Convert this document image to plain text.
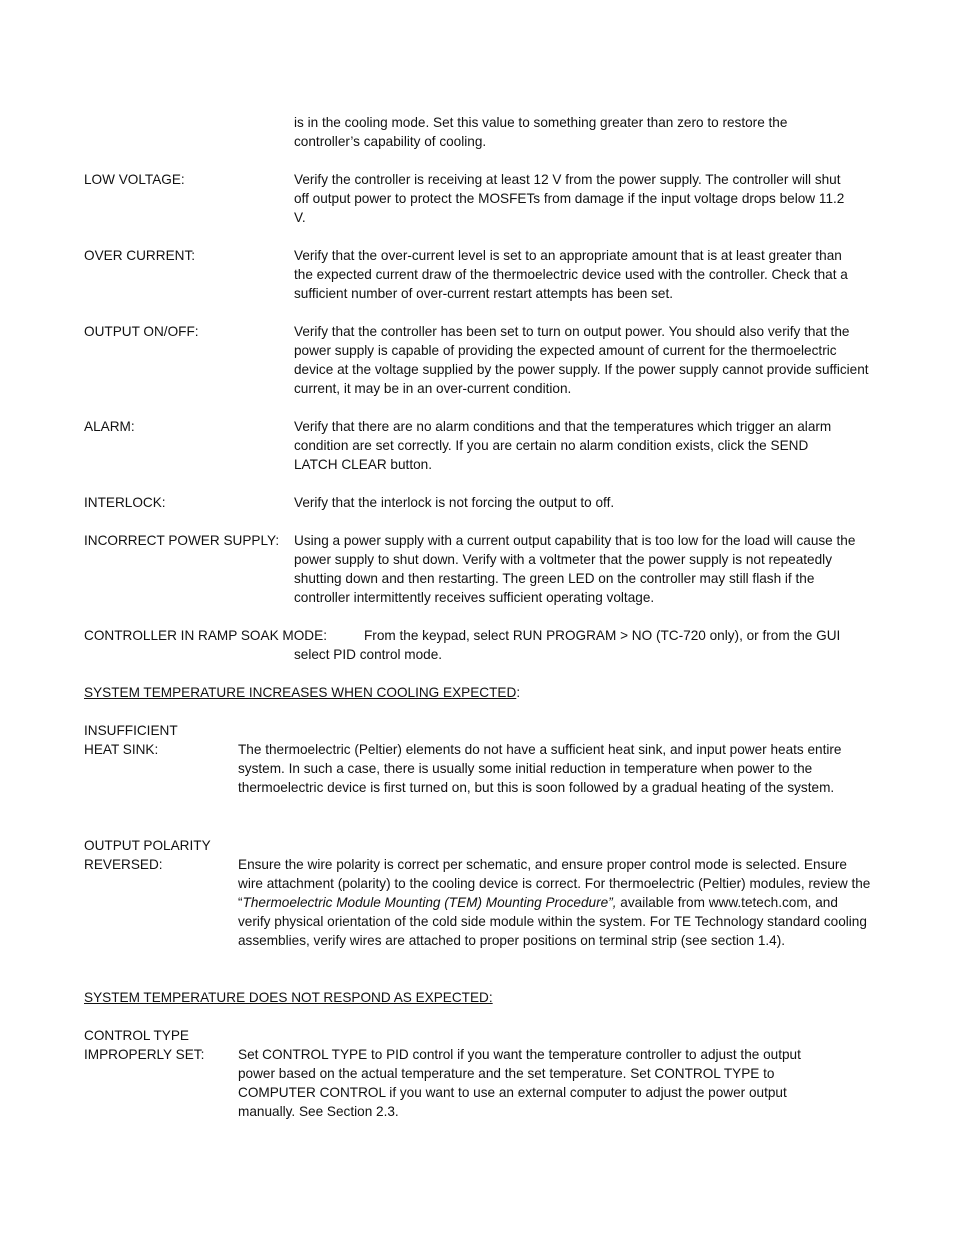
is in the cooling mode. Set this value to something greater than zero to restore the
controller’s capability of cooling.
LOW VOLTAGE:	Verify the controller is receiving at least 12 V from the power supply. The controller will shut off output power to protect the MOSFETs from damage if the input voltage drops below 11.2 V.
OVER CURRENT:	Verify that the over-current level is set to an appropriate amount that is at least greater than the expected current draw of the thermoelectric device used with the controller. Check that a sufficient number of over-current restart attempts has been set.
OUTPUT ON/OFF:	Verify that the controller has been set to turn on output power. You should also verify that the power supply is capable of providing the expected amount of current for the thermoelectric device at the voltage supplied by the power supply. If the power supply cannot provide sufficient current, it may be in an over-current condition.
ALARM:	Verify that there are no alarm conditions and that the temperatures which trigger an alarm condition are set correctly. If you are certain no alarm condition exists, click the SEND LATCH CLEAR button.
INTERLOCK:	Verify that the interlock is not forcing the output to off.
INCORRECT POWER SUPPLY: Using a power supply with a current output capability that is too low for the load will cause the power supply to shut down. Verify with a voltmeter that the power supply is not repeatedly shutting down and then restarting. The green LED on the controller may still flash if the controller intermittently receives sufficient operating voltage.
CONTROLLER IN RAMP SOAK MODE:	From the keypad, select RUN PROGRAM > NO (TC-720 only), or from the GUI
select PID control mode.
SYSTEM TEMPERATURE INCREASES WHEN COOLING EXPECTED:
INSUFFICIENT
HEAT SINK:	The thermoelectric (Peltier) elements do not have a sufficient heat sink, and input power heats entire system. In such a case, there is usually some initial reduction in temperature when power to the thermoelectric device is first turned on, but this is soon followed by a gradual heating of the system.
OUTPUT POLARITY
REVERSED:	Ensure the wire polarity is correct per schematic, and ensure proper control mode is selected. Ensure wire attachment (polarity) to the cooling device is correct. For thermoelectric (Peltier) modules, review the “Thermoelectric Module Mounting (TEM) Mounting Procedure”, available from www.tetech.com, and verify physical orientation of the cold side module within the system. For TE Technology standard cooling assemblies, verify wires are attached to proper positions on terminal strip (see section 1.4).
SYSTEM TEMPERATURE DOES NOT RESPOND AS EXPECTED:
CONTROL TYPE
IMPROPERLY SET: Set CONTROL TYPE to PID control if you want the temperature controller to adjust the output power based on the actual temperature and the set temperature. Set CONTROL TYPE to COMPUTER CONTROL if you want to use an external computer to adjust the power output manually. See Section 2.3.
